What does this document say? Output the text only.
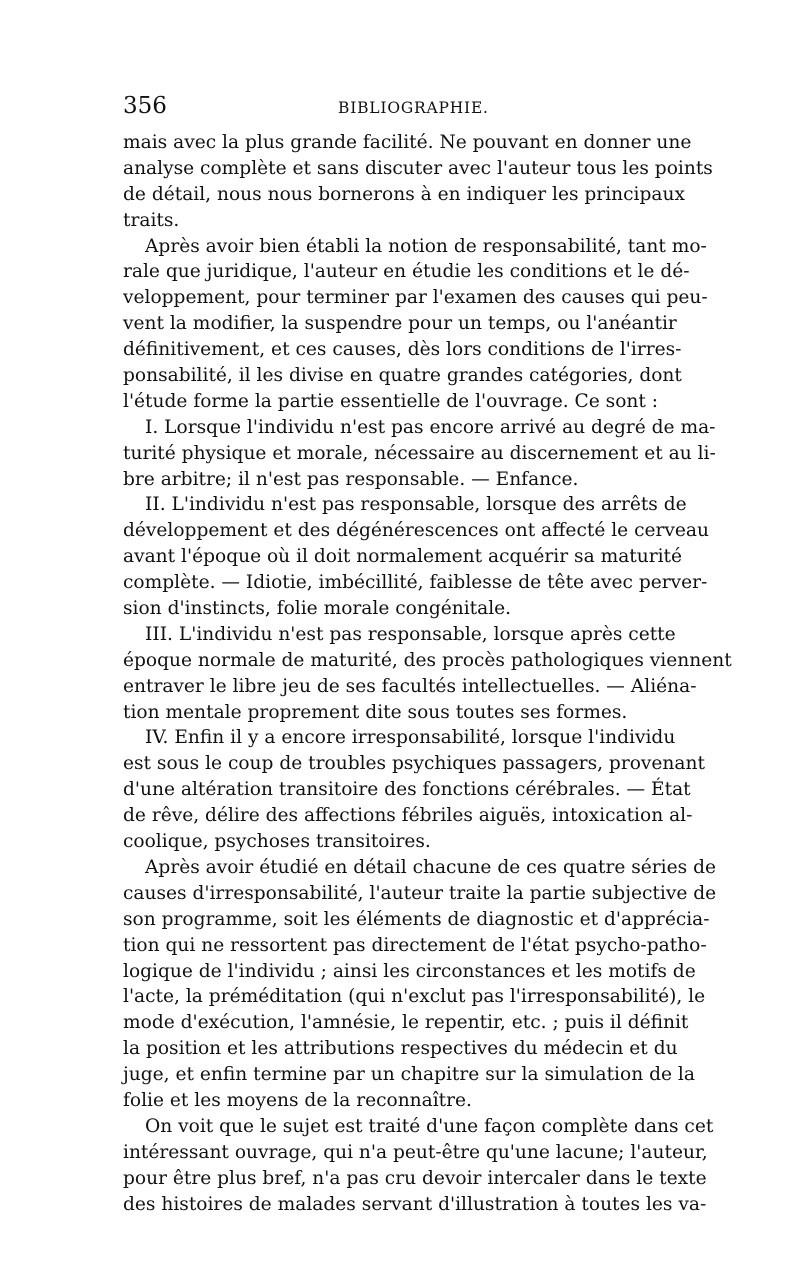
356	BIBLIOGRAPHIE.
mais avec la plus grande facilité. Ne pouvant en donner une
analyse complète et sans discuter avec l'auteur tous les points
de détail, nous nous bornerons à en indiquer les principaux
traits.
Après avoir bien établi la notion de responsabilité, tant mo-
rale que juridique, l'auteur en étudie les conditions et le dé-
veloppement, pour terminer par l'examen des causes qui peu-
vent la modifier, la suspendre pour un temps, ou l'anéantir
définitivement, et ces causes, dès lors conditions de l'irres-
ponsabilité, il les divise en quatre grandes catégories, dont
l'étude forme la partie essentielle de l'ouvrage. Ce sont :
I. Lorsque l'individu n'est pas encore arrivé au degré de ma-
turité physique et morale, nécessaire au discernement et au li-
bre arbitre; il n'est pas responsable. — Enfance.
II. L'individu n'est pas responsable, lorsque des arrêts de
développement et des dégénérescences ont affecté le cerveau
avant l'époque où il doit normalement acquérir sa maturité
complète. — Idiotie, imbécillité, faiblesse de tête avec perver-
sion d'instincts, folie morale congénitale.
III. L'individu n'est pas responsable, lorsque après cette
époque normale de maturité, des procès pathologiques viennent
entraver le libre jeu de ses facultés intellectuelles. — Aliéna-
tion mentale proprement dite sous toutes ses formes.
IV. Enfin il y a encore irresponsabilité, lorsque l'individu
est sous le coup de troubles psychiques passagers, provenant
d'une altération transitoire des fonctions cérébrales. — État
de rêve, délire des affections fébriles aiguës, intoxication al-
coolique, psychoses transitoires.
Après avoir étudié en détail chacune de ces quatre séries de
causes d'irresponsabilité, l'auteur traite la partie subjective de
son programme, soit les éléments de diagnostic et d'apprécia-
tion qui ne ressortent pas directement de l'état psycho-patho-
logique de l'individu ; ainsi les circonstances et les motifs de
l'acte, la préméditation (qui n'exclut pas l'irresponsabilité), le
mode d'exécution, l'amnésie, le repentir, etc. ; puis il définit
la position et les attributions respectives du médecin et du
juge, et enfin termine par un chapitre sur la simulation de la
folie et les moyens de la reconnaître.
On voit que le sujet est traité d'une façon complète dans cet
intéressant ouvrage, qui n'a peut-être qu'une lacune; l'auteur,
pour être plus bref, n'a pas cru devoir intercaler dans le texte
des histoires de malades servant d'illustration à toutes les va-
